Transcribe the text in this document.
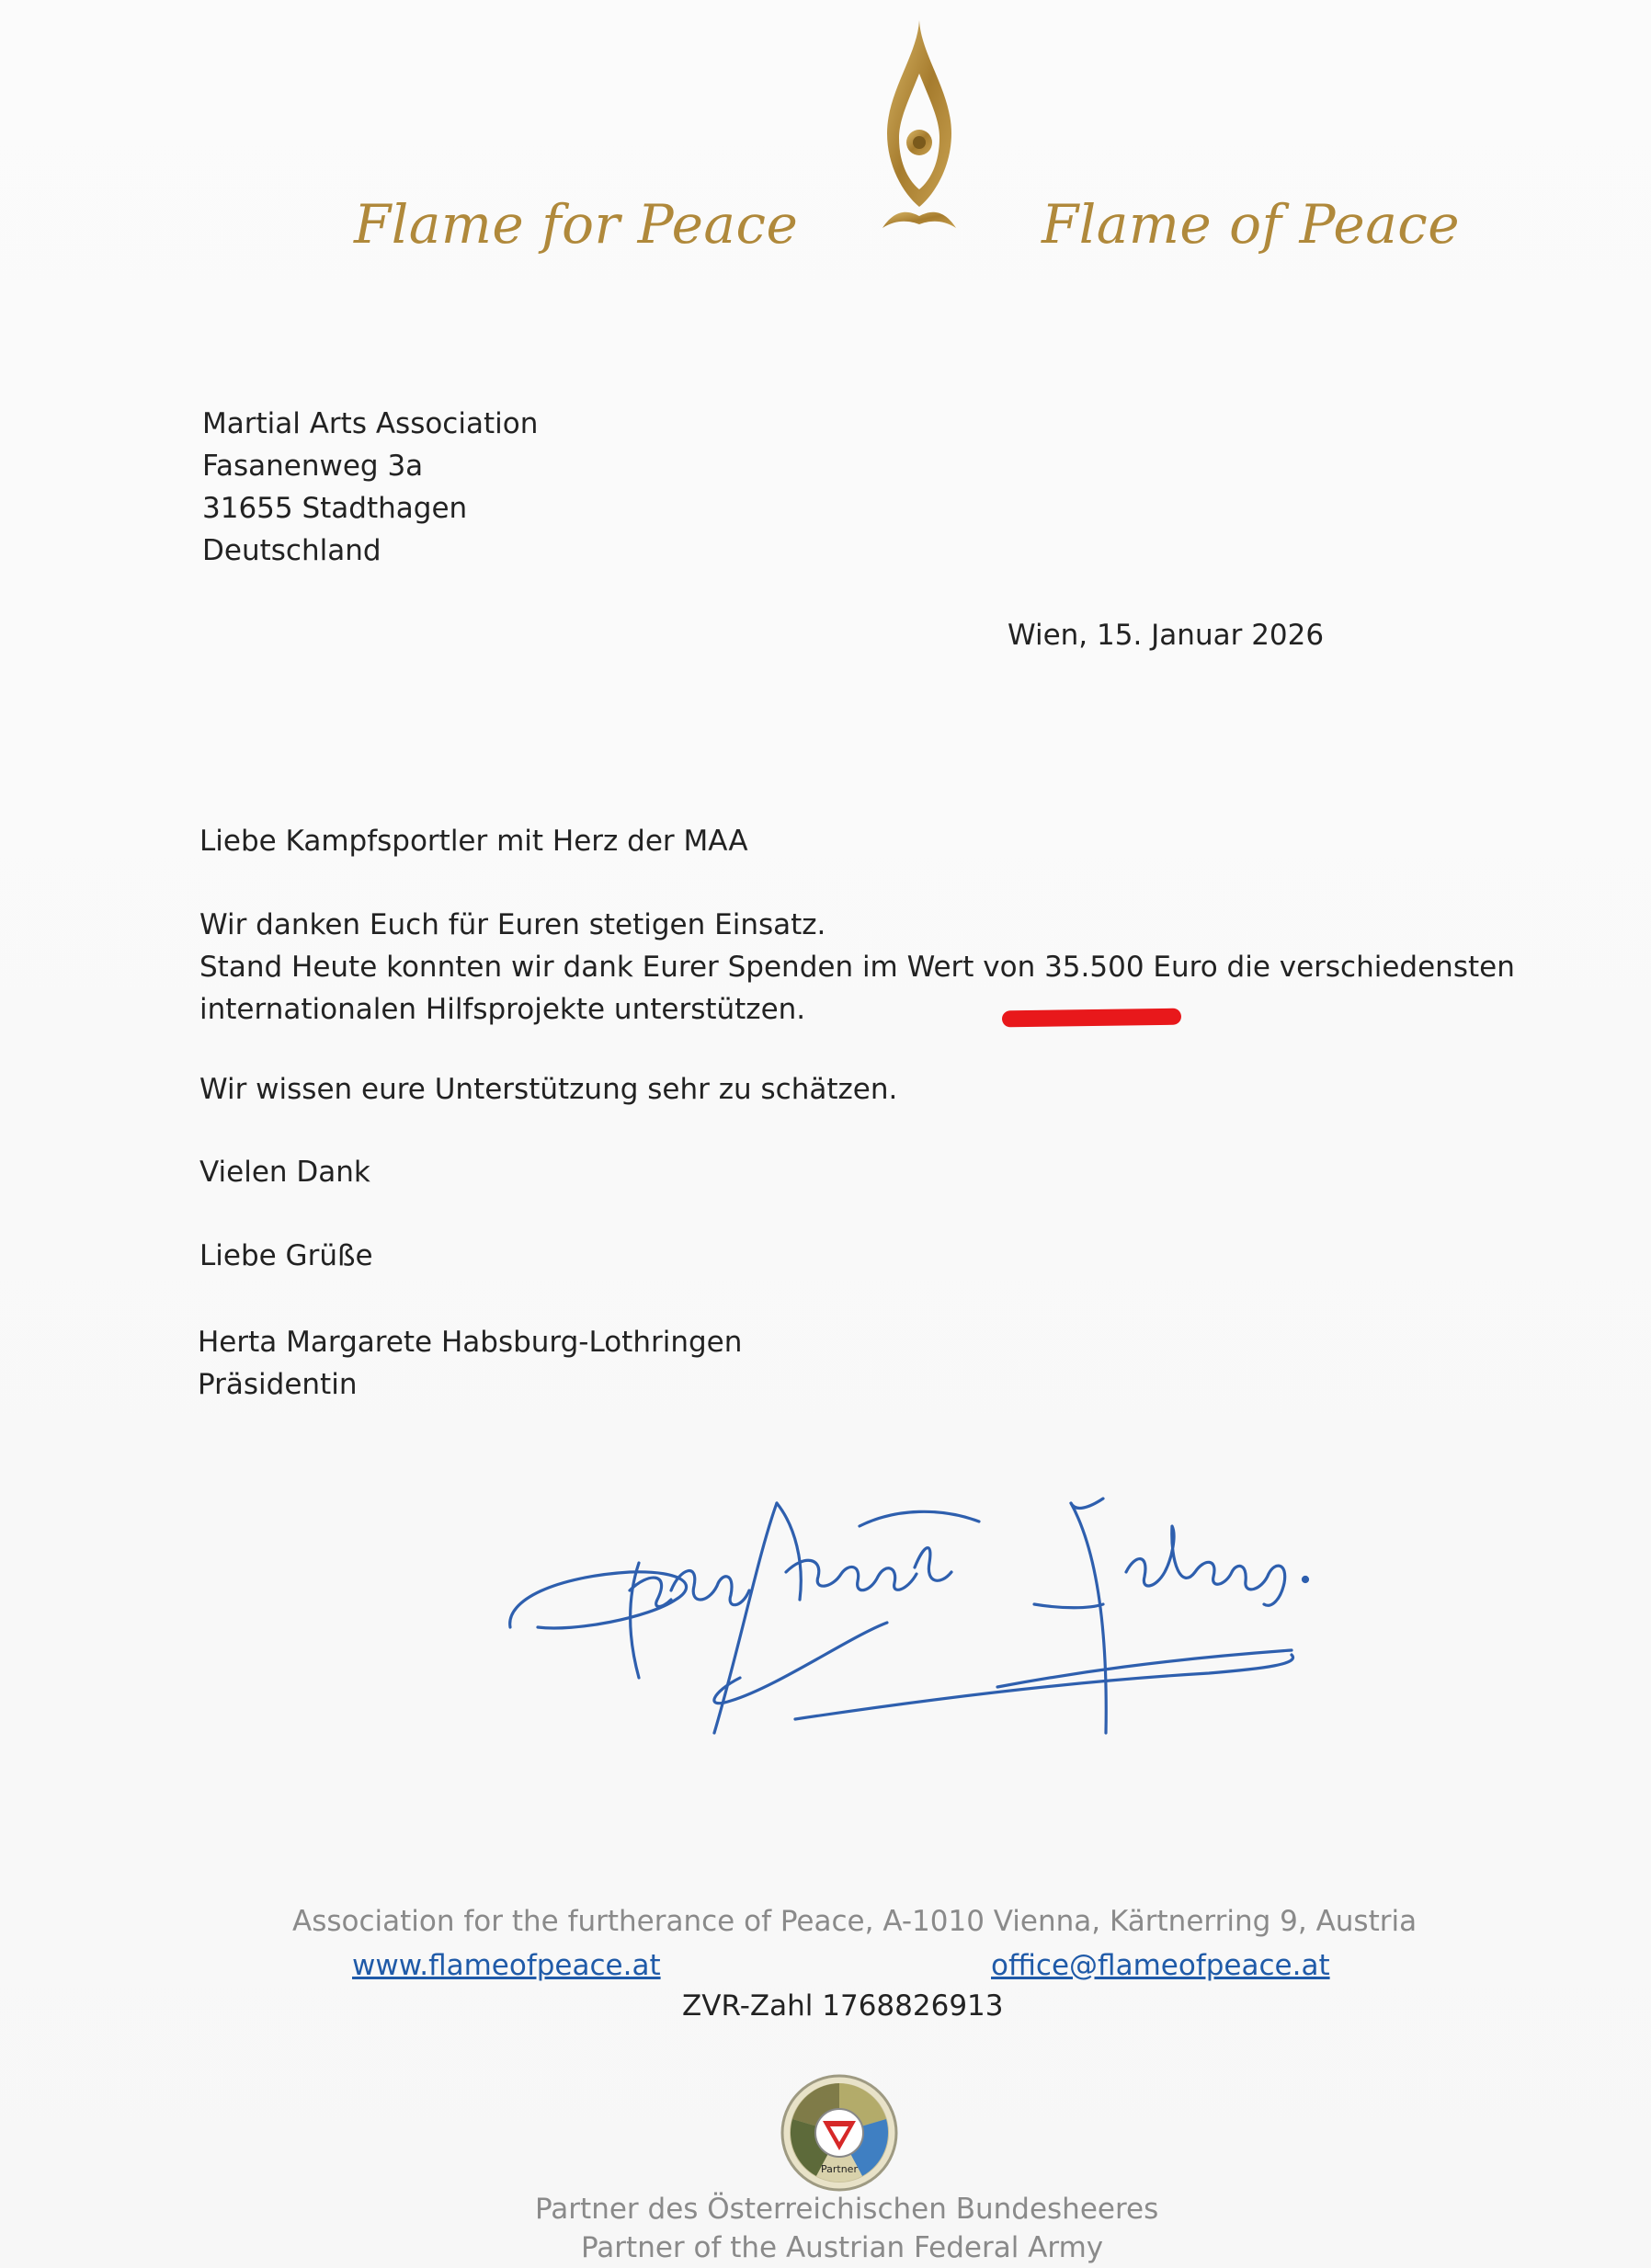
Flame for Peace	Flame of Peace
Martial Arts Association
Fasanenweg 3a
31655 Stadthagen
Deutschland
Wien, 15. Januar 2026
Liebe Kampfsportler mit Herz der MAA
Wir danken Euch für Euren stetigen Einsatz.
Stand Heute konnten wir dank Eurer Spenden im Wert von 35.500 Euro die verschiedensten
internationalen Hilfsprojekte unterstützen.
Wir wissen eure Unterstützung sehr zu schätzen.
Vielen Dank
Liebe Grüße
Herta Margarete Habsburg-Lothringen
Präsidentin
Association for the furtherance of Peace, A-1010 Vienna, Kärtnerring 9, Austria
www.flameofpeace.at	office@flameofpeace.at
ZVR-Zahl 1768826913
Partner
Partner des Österreichischen Bundesheeres
Partner of the Austrian Federal Army
